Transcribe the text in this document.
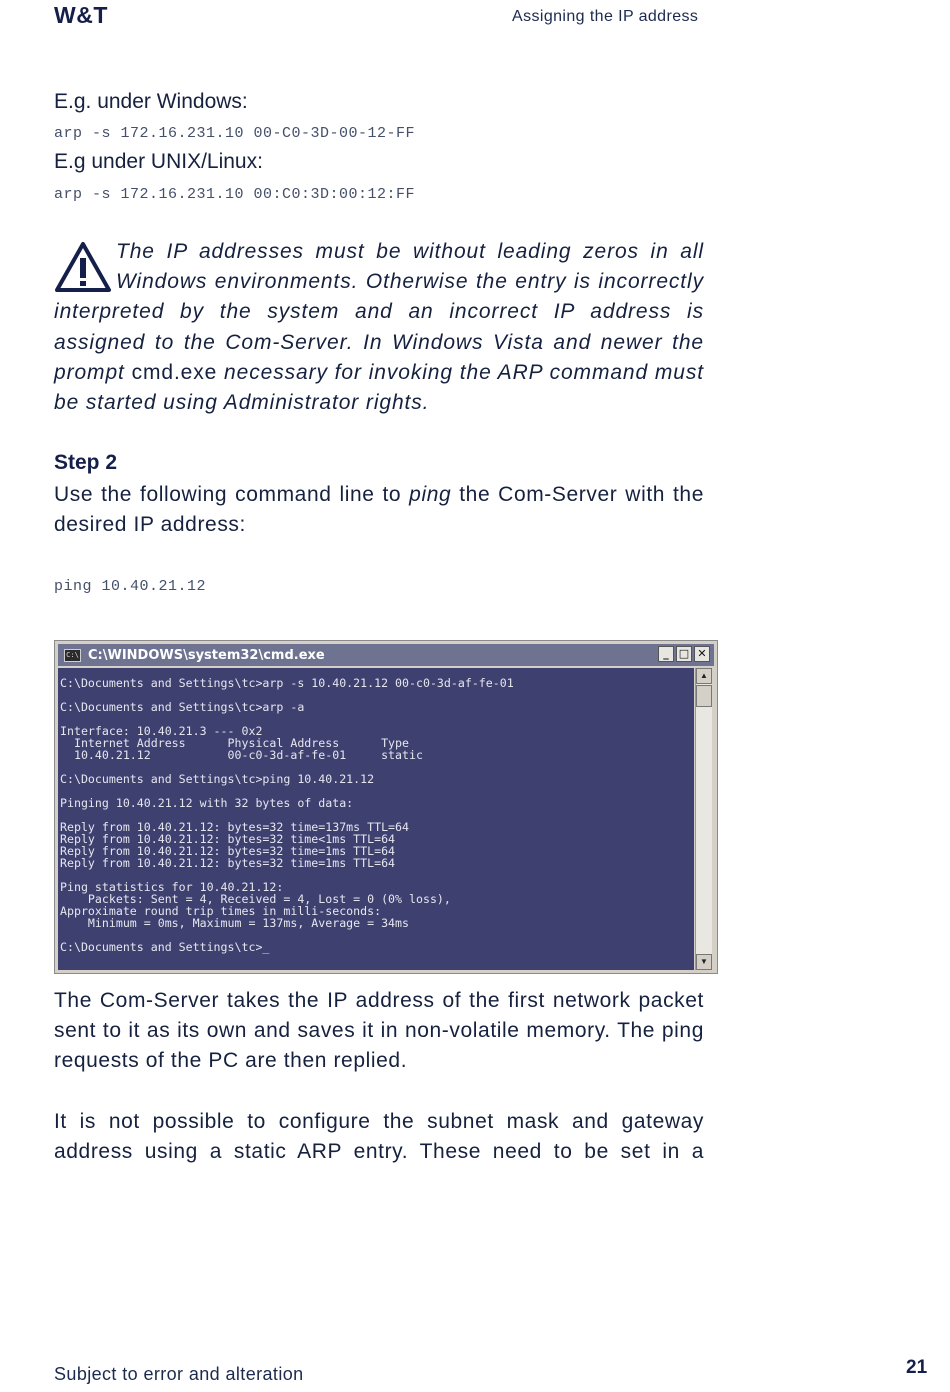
W&T	Assigning the IP address
E.g. under Windows:
arp -s 172.16.231.10 00-C0-3D-00-12-FF
E.g under UNIX/Linux:
arp -s 172.16.231.10 00:C0:3D:00:12:FF
The IP addresses must be without leading zeros in all Windows environments. Otherwise the entry is incorrectly interpreted by the system and an incorrect IP address is assigned to the Com-Server. In Windows Vista and newer the prompt cmd.exe necessary for invoking the ARP command must be started using Administrator rights.
Step 2
Use the following command line to ping the Com-Server with the desired IP address:
ping 10.40.21.12
C:\ C:\WINDOWS\system32\cmd.exe	_ □ ✕
C:\Documents and Settings\tc>arp -s 10.40.21.12 00-c0-3d-af-fe-01

C:\Documents and Settings\tc>arp -a

Interface: 10.40.21.3 --- 0x2
Internet Address      Physical Address      Type
10.40.21.12           00-c0-3d-af-fe-01     static

C:\Documents and Settings\tc>ping 10.40.21.12

Pinging 10.40.21.12 with 32 bytes of data:

Reply from 10.40.21.12: bytes=32 time=137ms TTL=64
Reply from 10.40.21.12: bytes=32 time<1ms TTL=64
Reply from 10.40.21.12: bytes=32 time=1ms TTL=64
Reply from 10.40.21.12: bytes=32 time=1ms TTL=64

Ping statistics for 10.40.21.12:
Packets: Sent = 4, Received = 4, Lost = 0 (0% loss),
Approximate round trip times in milli-seconds:
Minimum = 0ms, Maximum = 137ms, Average = 34ms

C:\Documents and Settings\tc>_
▲
▼
The Com-Server takes the IP address of the first network packet sent to it as its own and saves it in non-volatile memory. The ping requests of the PC are then replied.
It is not possible to configure the subnet mask and gateway address using a static ARP entry. These need to be set in a
Subject to error and alteration	21
